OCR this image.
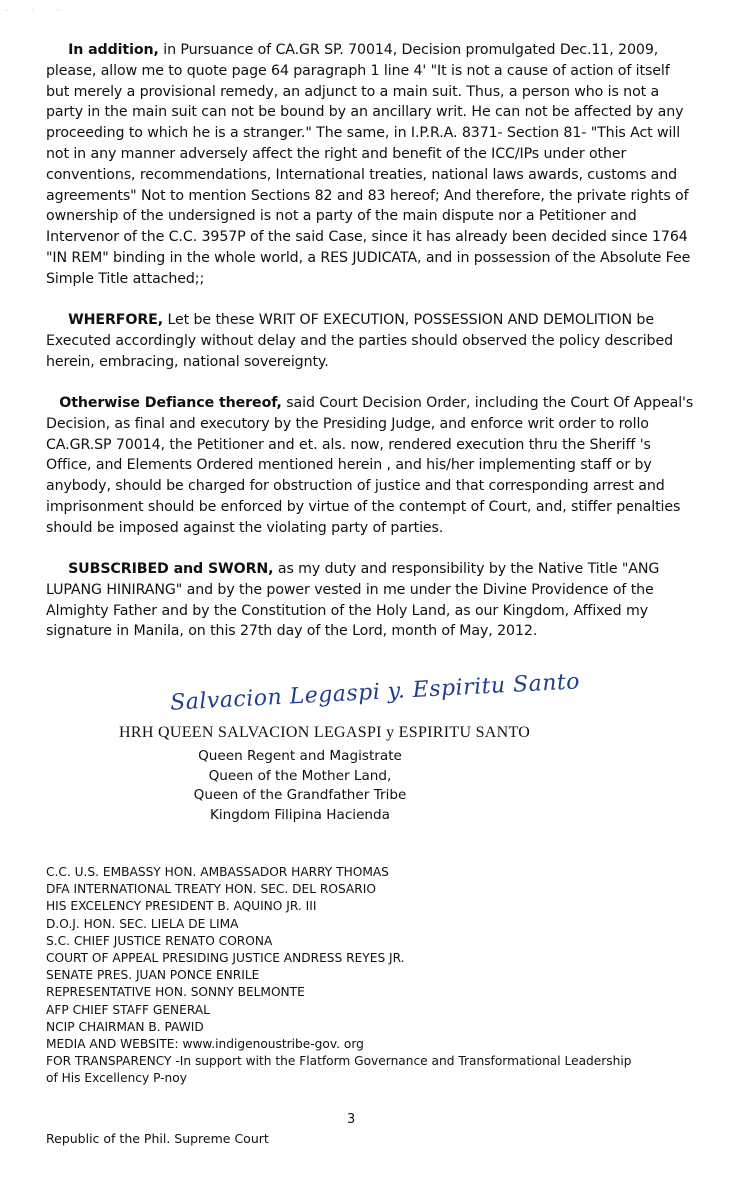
· · ·

In addition, in Pursuance of CA.GR SP. 70014, Decision promulgated Dec.11, 2009, please, allow me to quote page 64 paragraph 1 line 4' "It is not a cause of action of itself but merely a provisional remedy, an adjunct to a main suit. Thus, a person who is not a party in the main suit can not be bound by an ancillary writ. He can not be affected by any proceeding to which he is a stranger." The same, in I.P.R.A. 8371- Section 81- "This Act will not in any manner adversely affect the right and benefit of the ICC/IPs under other conventions, recommendations, International treaties, national laws awards, customs and agreements" Not to mention Sections 82 and 83 hereof; And therefore, the private rights of ownership of the undersigned is not a party of the main dispute nor a Petitioner and Intervenor of the C.C. 3957P of the said Case, since it has already been decided since 1764 "IN REM" binding in the whole world, a RES JUDICATA, and in possession of the Absolute Fee Simple Title attached;;

WHERFORE, Let be these WRIT OF EXECUTION, POSSESSION AND DEMOLITION be Executed accordingly without delay and the parties should observed the policy described herein, embracing, national sovereignty.

Otherwise Defiance thereof, said Court Decision Order, including the Court Of Appeal's Decision, as final and executory by the Presiding Judge, and enforce writ order to rollo CA.GR.SP 70014, the Petitioner and et. als. now, rendered execution thru the Sheriff 's Office, and Elements Ordered mentioned herein , and his/her implementing staff or by anybody, should be charged for obstruction of justice and that corresponding arrest and imprisonment should be enforced by virtue of the contempt of Court, and, stiffer penalties should be imposed against the violating party of parties.

SUBSCRIBED and SWORN, as my duty and responsibility by the Native Title "ANG LUPANG HINIRANG" and by the power vested in me under the Divine Providence of the Almighty Father and by the Constitution of the Holy Land, as our Kingdom, Affixed my signature in Manila, on this 27th day of the Lord, month of May, 2012.

Salvacion Legaspi y. Espiritu Santo
HRH QUEEN SALVACION LEGASPI y ESPIRITU SANTO
Queen Regent and Magistrate
Queen of the Mother Land,
Queen of the Grandfather Tribe
Kingdom Filipina Hacienda
C.C. U.S. EMBASSY HON. AMBASSADOR HARRY THOMAS
DFA INTERNATIONAL TREATY HON. SEC. DEL ROSARIO
HIS EXCELENCY PRESIDENT B. AQUINO JR. III
D.O.J. HON. SEC. LIELA DE LIMA
S.C. CHIEF JUSTICE RENATO CORONA
COURT OF APPEAL PRESIDING JUSTICE ANDRESS REYES JR.
SENATE PRES. JUAN PONCE ENRILE
REPRESENTATIVE HON. SONNY BELMONTE
AFP CHIEF STAFF GENERAL
NCIP CHAIRMAN B. PAWID
MEDIA AND WEBSITE: www.indigenoustribe-gov. org
FOR TRANSPARENCY -In support with the Flatform Governance and Transformational Leadership
of His Excellency P-noy
3
Republic of the Phil. Supreme Court
